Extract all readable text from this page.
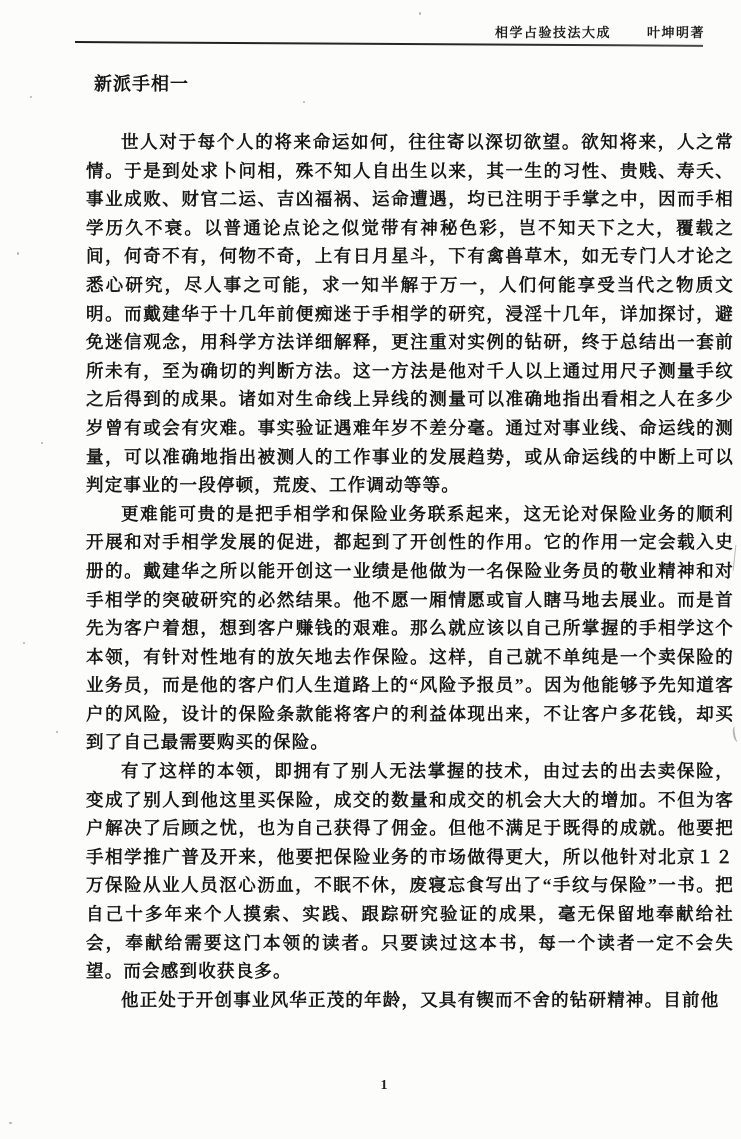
相学占验技法大成	叶坤明著
新派手相一

世人对于每个人的将来命运如何，往往寄以深切欲望。欲知将来，人之常情。于是到处求卜问相，殊不知人自出生以来，其一生的习性、贵贱、寿夭、事业成败、财官二运、吉凶福祸、运命遭遇，均已注明于手掌之中，因而手相学历久不衰。以普通论点论之似觉带有神秘色彩，岂不知天下之大，覆载之间，何奇不有，何物不奇，上有日月星斗，下有禽兽草木，如无专门人才论之悉心研究，尽人事之可能，求一知半解于万一，人们何能享受当代之物质文明。而戴建华于十几年前便痴迷于手相学的研究，浸淫十几年，详加探讨，避免迷信观念，用科学方法详细解释，更注重对实例的钻研，终于总结出一套前所未有，至为确切的判断方法。这一方法是他对千人以上通过用尺子测量手纹之后得到的成果。诸如对生命线上异线的测量可以准确地指出看相之人在多少岁曾有或会有灾难。事实验证遇难年岁不差分毫。通过对事业线、命运线的测量，可以准确地指出被测人的工作事业的发展趋势，或从命运线的中断上可以判定事业的一段停顿，荒废、工作调动等等。

更难能可贵的是把手相学和保险业务联系起来，这无论对保险业务的顺利开展和对手相学发展的促进，都起到了开创性的作用。它的作用一定会载入史册的。戴建华之所以能开创这一业绩是他做为一名保险业务员的敬业精神和对手相学的突破研究的必然结果。他不愿一厢情愿或盲人瞎马地去展业。而是首先为客户着想，想到客户赚钱的艰难。那么就应该以自己所掌握的手相学这个本领，有针对性地有的放矢地去作保险。这样，自己就不单纯是一个卖保险的业务员，而是他的客户们人生道路上的“风险予报员”。因为他能够予先知道客户的风险，设计的保险条款能将客户的利益体现出来，不让客户多花钱，却买到了自己最需要购买的保险。

有了这样的本领，即拥有了别人无法掌握的技术，由过去的出去卖保险，变成了别人到他这里买保险，成交的数量和成交的机会大大的增加。不但为客户解决了后顾之忧，也为自己获得了佣金。但他不满足于既得的成就。他要把手相学推广普及开来，他要把保险业务的市场做得更大，所以他针对北京１２万保险从业人员沤心沥血，不眠不休，废寝忘食写出了“手纹与保险”一书。把自己十多年来个人摸索、实践、跟踪研究验证的成果，毫无保留地奉献给社会，奉献给需要这门本领的读者。只要读过这本书，每一个读者一定不会失望。而会感到收获良多。

他正处于开创事业风华正茂的年龄，又具有锲而不舍的钻研精神。目前他

1
